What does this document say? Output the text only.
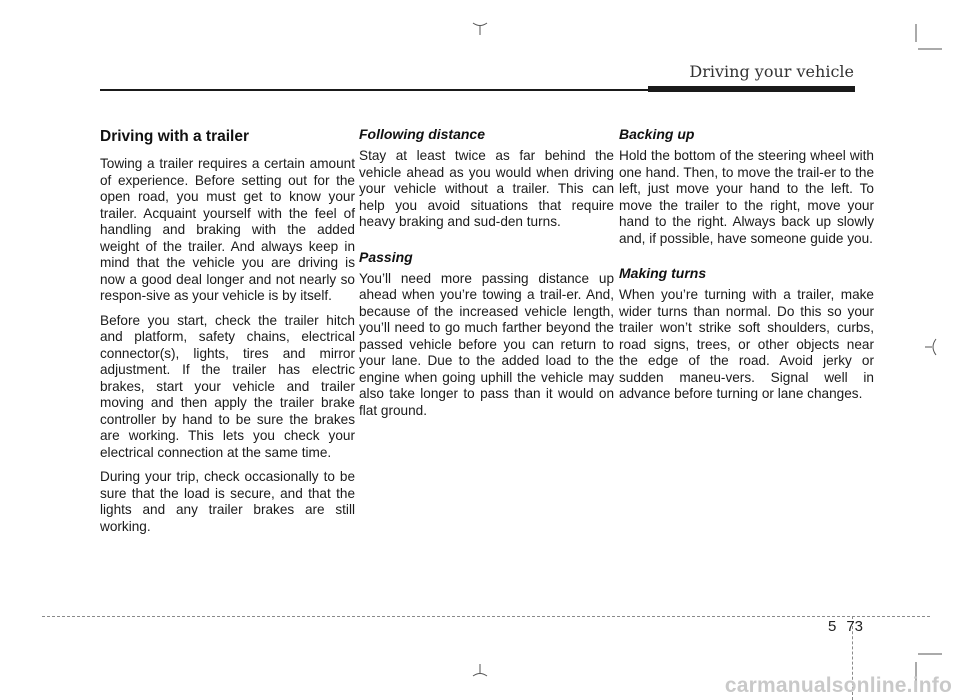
Driving your vehicle
Driving with a trailer

Towing a trailer requires a certain amount of experience. Before setting out for the open road, you must get to know your trailer. Acquaint yourself with the feel of handling and braking with the added weight of the trailer. And always keep in mind that the vehicle you are driving is now a good deal longer and not nearly so respon-sive as your vehicle is by itself.

Before you start, check the trailer hitch and platform, safety chains, electrical connector(s), lights, tires and mirror adjustment. If the trailer has electric brakes, start your vehicle and trailer moving and then apply the trailer brake controller by hand to be sure the brakes are working. This lets you check your electrical connection at the same time.

During your trip, check occasionally to be sure that the load is secure, and that the lights and any trailer brakes are still working.

Following distance

Stay at least twice as far behind the vehicle ahead as you would when driving your vehicle without a trailer. This can help you avoid situations that require heavy braking and sud-den turns.

Passing

You’ll need more passing distance up ahead when you’re towing a trail-er. And, because of the increased vehicle length, you’ll need to go much farther beyond the passed vehicle before you can return to your lane. Due to the added load to the engine when going uphill the vehicle may also take longer to pass than it would on flat ground.

Backing up

Hold the bottom of the steering wheel with one hand. Then, to move the trail-er to the left, just move your hand to the left. To move the trailer to the right, move your hand to the right. Always back up slowly and, if possible, have someone guide you.

Making turns

When you’re turning with a trailer, make wider turns than normal. Do this so your trailer won’t strike soft shoulders, curbs, road signs, trees, or other objects near the edge of the road. Avoid jerky or sudden maneu-vers. Signal well in advance before turning or lane changes.

5 73
carmanualsonline.info
